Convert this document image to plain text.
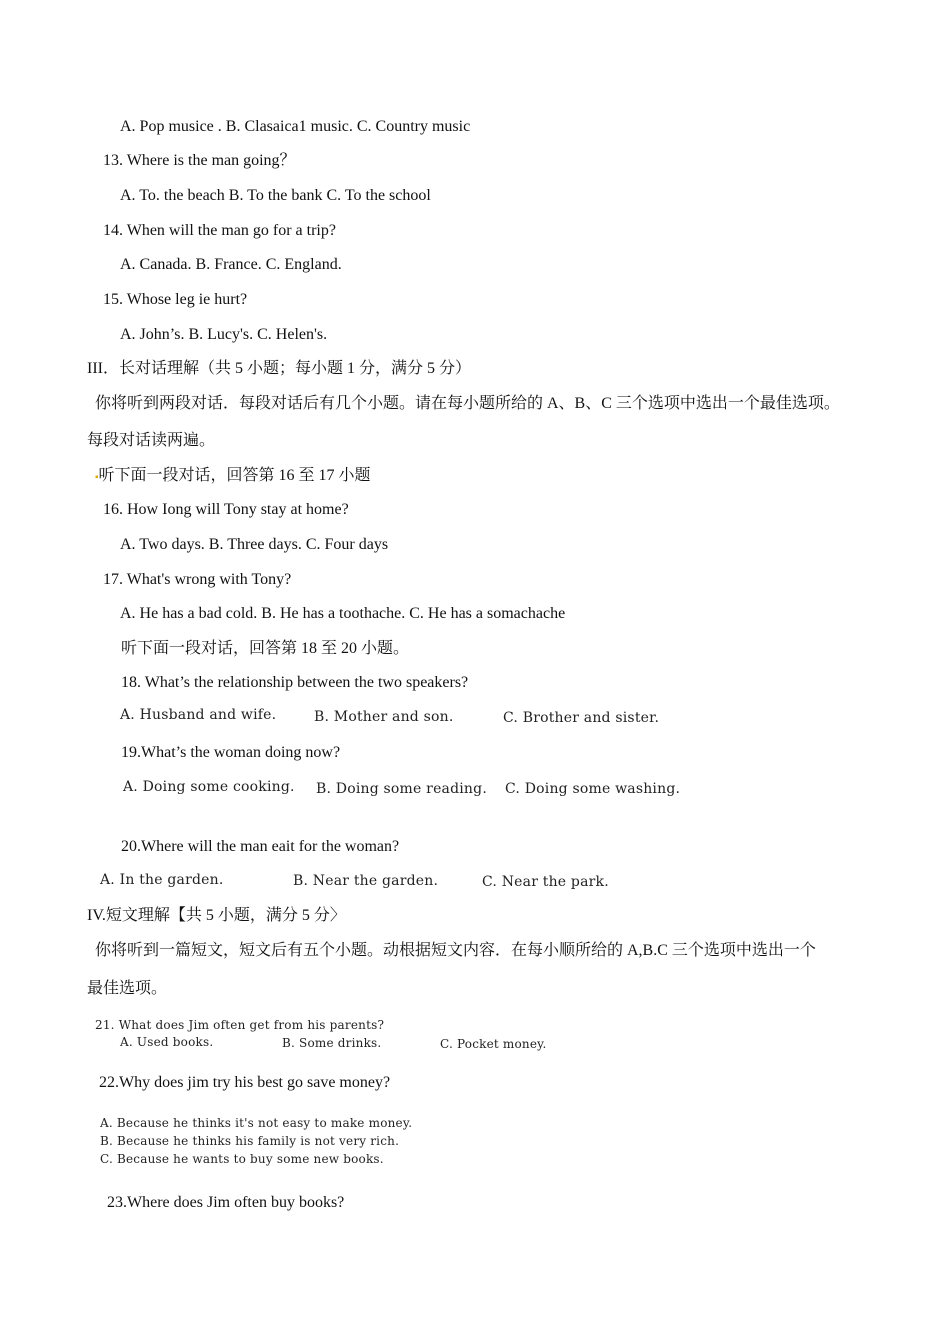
A. Pop musice . B. Clasaica1 music. C. Country music
13. Where is the man going？
A. To. the beach B. To the bank C. To the school
14. When will the man go for a trip?
A. Canada. B. France. C. England.
15. Whose leg ie hurt?
A. John’s. B. Lucy's. C. Helen's.
III．长对话理解（共 5 小题；每小题 1 分，满分 5 分）
你将听到两段对话．每段对话后有几个小题。请在每小题所给的 A、B、C 三个选项中选出一个最佳选项。
每段对话读两遍。
▪听下面一段对话，回答第 16 至 17 小题
16. How Iong will Tony stay at home?
A. Two days. B. Three days. C. Four days
17. What's wrong with Tony?
A. He has a bad cold. B. He has a toothache. C. He has a somachache
听下面一段对话，回答第 18 至 20 小题。
18. What’s the relationship between the two speakers?
A. Husband and wife.	B. Mother and son.	C. Brother and sister.
19.What’s the woman doing now?
A. Doing some cooking. B. Doing some reading. C. Doing some washing.
20.Where will the man eait for the woman?
A. In the garden.	B. Near the garden.	C. Near the park.
IV.短文理解【共 5 小题，满分 5 分〉
你将听到一篇短文，短文后有五个小题。动根据短文内容．在每小顺所给的 A,B.C 三个选项中选出一个
最佳选项。
21. What does Jim often get from his parents?
A. Used books.	B. Some drinks.	C. Pocket money.
22.Why does jim try his best go save money?
A. Because he thinks it's not easy to make money.
B. Because he thinks his family is not very rich.
C. Because he wants to buy some new books.
23.Where does Jim often buy books?
